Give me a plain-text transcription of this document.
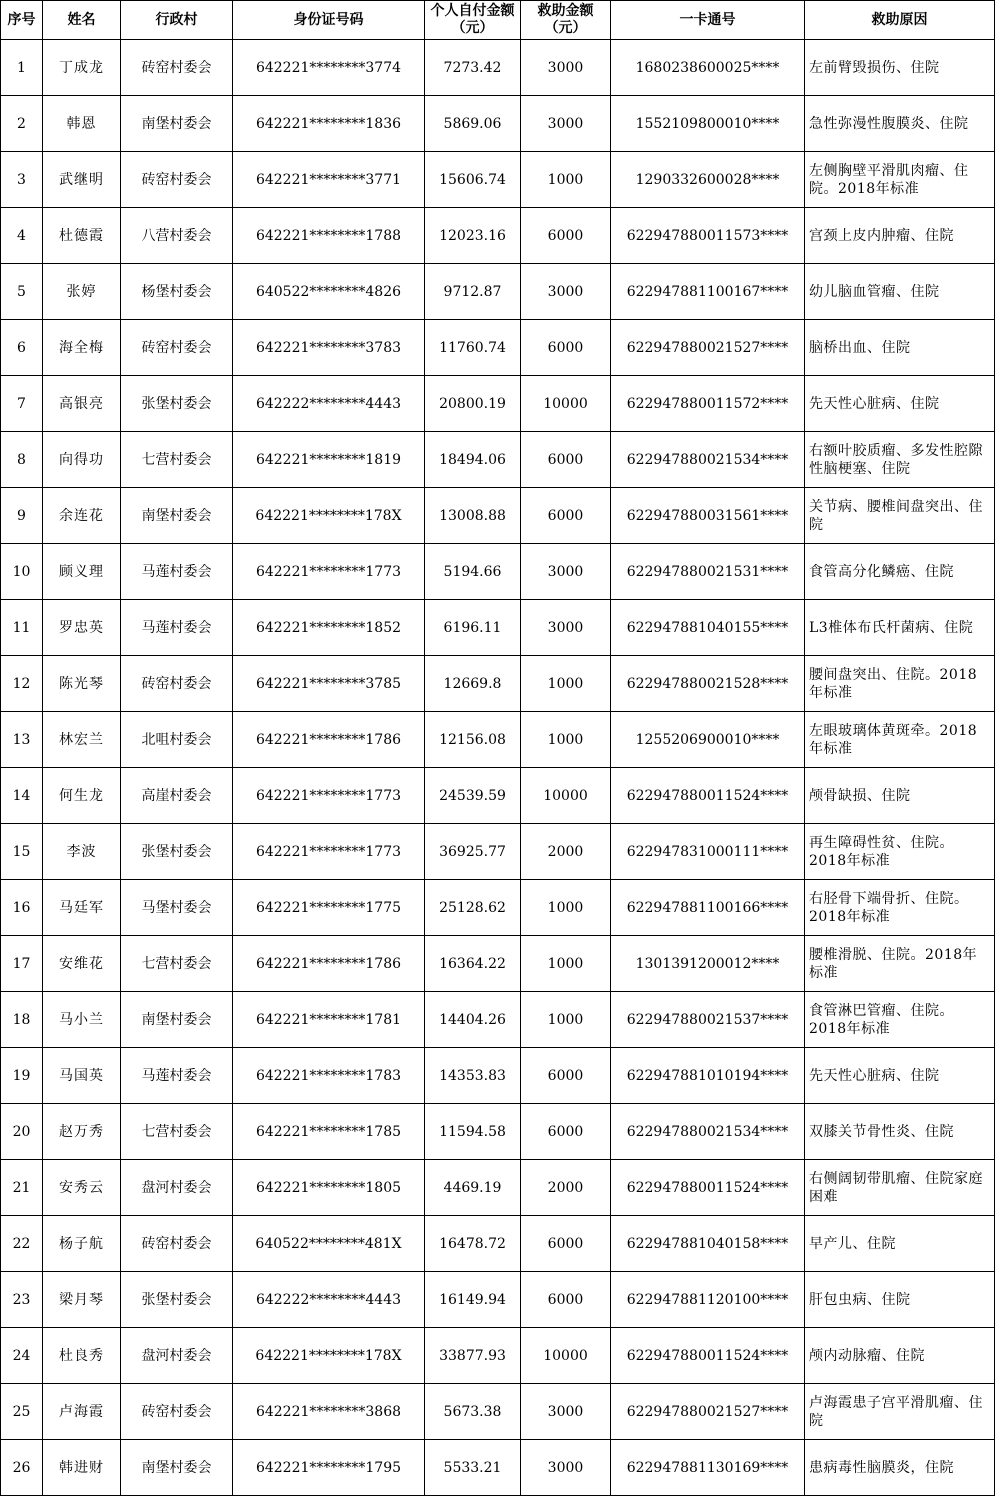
序号	姓名	行政村	身份证号码	个人自付金额（元）	救助金额（元）	一卡通号	救助原因
1	丁成龙	砖窑村委会	642221********3774	7273.42	3000	1680238600025****	左前臂毁损伤、住院
2	韩恩	南堡村委会	642221********1836	5869.06	3000	1552109800010****	急性弥漫性腹膜炎、住院
3	武继明	砖窑村委会	642221********3771	15606.74	1000	1290332600028****	左侧胸壁平滑肌肉瘤、住院。2018年标准
4	杜德霞	八营村委会	642221********1788	12023.16	6000	622947880011573****	宫颈上皮内肿瘤、住院
5	张婷	杨堡村委会	640522********4826	9712.87	3000	622947881100167****	幼儿脑血管瘤、住院
6	海全梅	砖窑村委会	642221********3783	11760.74	6000	622947880021527****	脑桥出血、住院
7	高银亮	张堡村委会	642222********4443	20800.19	10000	622947880011572****	先天性心脏病、住院
8	向得功	七营村委会	642221********1819	18494.06	6000	622947880021534****	右额叶胶质瘤、多发性腔隙性脑梗塞、住院
9	余连花	南堡村委会	642221********178X	13008.88	6000	622947880031561****	关节病、腰椎间盘突出、住院
10	顾义理	马莲村委会	642221********1773	5194.66	3000	622947880021531****	食管高分化鳞癌、住院
11	罗忠英	马莲村委会	642221********1852	6196.11	3000	622947881040155****	L3椎体布氏杆菌病、住院
12	陈光琴	砖窑村委会	642221********3785	12669.8	1000	622947880021528****	腰间盘突出、住院。2018年标准
13	林宏兰	北咀村委会	642221********1786	12156.08	1000	1255206900010****	左眼玻璃体黄斑牵。2018年标准
14	何生龙	高崖村委会	642221********1773	24539.59	10000	622947880011524****	颅骨缺损、住院
15	李波	张堡村委会	642221********1773	36925.77	2000	622947831000111****	再生障碍性贫、住院。2018年标准
16	马廷军	马堡村委会	642221********1775	25128.62	1000	622947881100166****	右胫骨下端骨折、住院。2018年标准
17	安维花	七营村委会	642221********1786	16364.22	1000	1301391200012****	腰椎滑脱、住院。2018年标准
18	马小兰	南堡村委会	642221********1781	14404.26	1000	622947880021537****	食管淋巴管瘤、住院。2018年标准
19	马国英	马莲村委会	642221********1783	14353.83	6000	622947881010194****	先天性心脏病、住院
20	赵万秀	七营村委会	642221********1785	11594.58	6000	622947880021534****	双膝关节骨性炎、住院
21	安秀云	盘河村委会	642221********1805	4469.19	2000	622947880011524****	右侧阔韧带肌瘤、住院家庭困难
22	杨子航	砖窑村委会	640522********481X	16478.72	6000	622947881040158****	早产儿、住院
23	梁月琴	张堡村委会	642222********4443	16149.94	6000	622947881120100****	肝包虫病、住院
24	杜良秀	盘河村委会	642221********178X	33877.93	10000	622947880011524****	颅内动脉瘤、住院
25	卢海霞	砖窑村委会	642221********3868	5673.38	3000	622947880021527****	卢海霞患子宫平滑肌瘤、住院
26	韩进财	南堡村委会	642221********1795	5533.21	3000	622947881130169****	患病毒性脑膜炎，住院
